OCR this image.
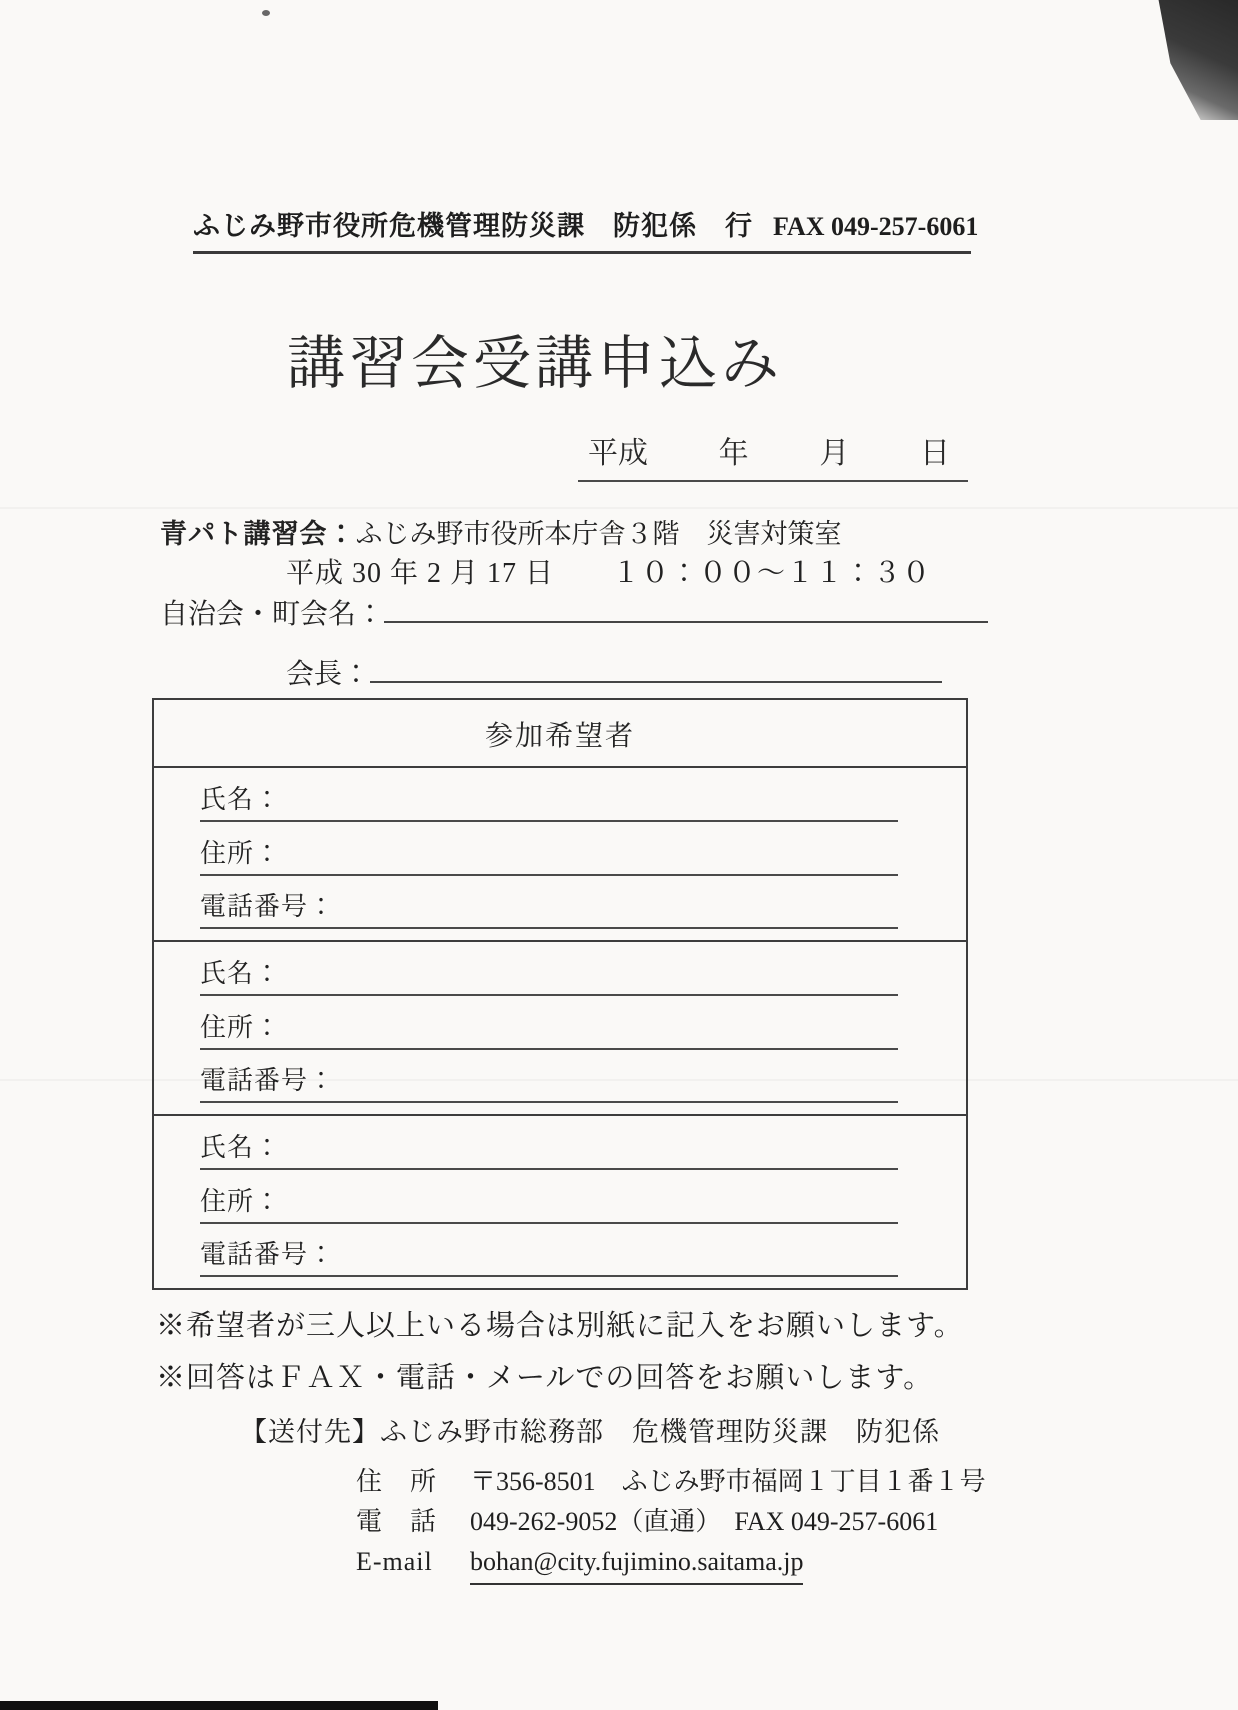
ふじみ野市役所危機管理防災課　防犯係　行 FAX 049-257-6061
講習会受講申込み
平成 年 月 日
青パト講習会：ふじみ野市役所本庁舎３階　災害対策室
平成 30 年 2 月 17 日　　１０：００～１１：３０
自治会・町会名：
会長：
参加希望者
氏名：
住所：
電話番号：
氏名：
住所：
電話番号：
氏名：
住所：
電話番号：
※希望者が三人以上いる場合は別紙に記入をお願いします。
※回答はＦＡＸ・電話・メールでの回答をお願いします。
【送付先】ふじみ野市総務部　危機管理防災課　防犯係
住　所 〒356-8501　ふじみ野市福岡１丁目１番１号
電　話 049-262-9052（直通）　FAX 049-257-6061
E-mail	bohan@city.fujimino.saitama.jp
